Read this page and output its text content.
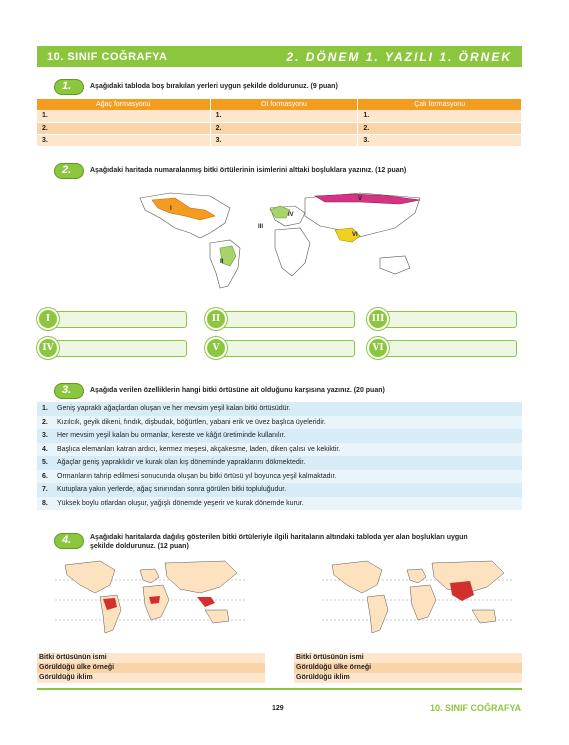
10. SINIF COĞRAFYA	2. DÖNEM 1. YAZILI 1. ÖRNEK
1.	Aşağıdaki tabloda boş bırakılan yerleri uygun şekilde doldurunuz. (9 puan)
Ağaç formasyonu	Ot formasyonu	Çalı formasyonu
1.	1.	1.
2.	2.	2.
3.	3.	3.
2.	Aşağıdaki haritada numaralanmış bitki örtülerinin isimlerini alttaki boşluklara yazınız. (12 puan)
I
II
III
IV
V
VI
I	II	III
IV	V	VI
3.	Aşağıda verilen özelliklerin hangi bitki örtüsüne ait olduğunu karşısına yazınız. (20 puan)
1.	Geniş yapraklı ağaçlardan oluşan ve her mevsim yeşil kalan bitki örtüsüdür.
2.	Kızılcık, geyik dikeni, fındık, dişbudak, böğürtlen, yabani erik ve üvez başlıca üyeleridir.
3.	Her mevsim yeşil kalan bu ormanlar, kereste ve kâğıt üretiminde kullanılır.
4.	Başlıca elemanları katran ardıcı, kermez meşesi, akçakesme, laden, diken çalısı ve kekiktir.
5.	Ağaçlar geniş yapraklıdır ve kurak olan kış döneminde yapraklarını dökmektedir.
6.	Ormanların tahrip edilmesi sonucunda oluşan bu bitki örtüsü yıl boyunca yeşil kalmaktadır.
7.	Kutuplara yakın yerlerde, ağaç sınırından sonra görülen bitki topluluğudur.
8.	Yüksek boylu otlardan oluşur, yağışlı dönemde yeşerir ve kurak dönemde kurur.
4.	Aşağıdaki haritalarda dağılış gösterilen bitki örtüleriyle ilgili haritaların altındaki tabloda yer alan boşlukları uygun
şekilde doldurunuz. (12 puan)
Bitki örtüsünün ismi
Görüldüğü ülke örneği
Görüldüğü iklim
Bitki örtüsünün ismi
Görüldüğü ülke örneği
Görüldüğü iklim
129	10. SINIF COĞRAFYA
